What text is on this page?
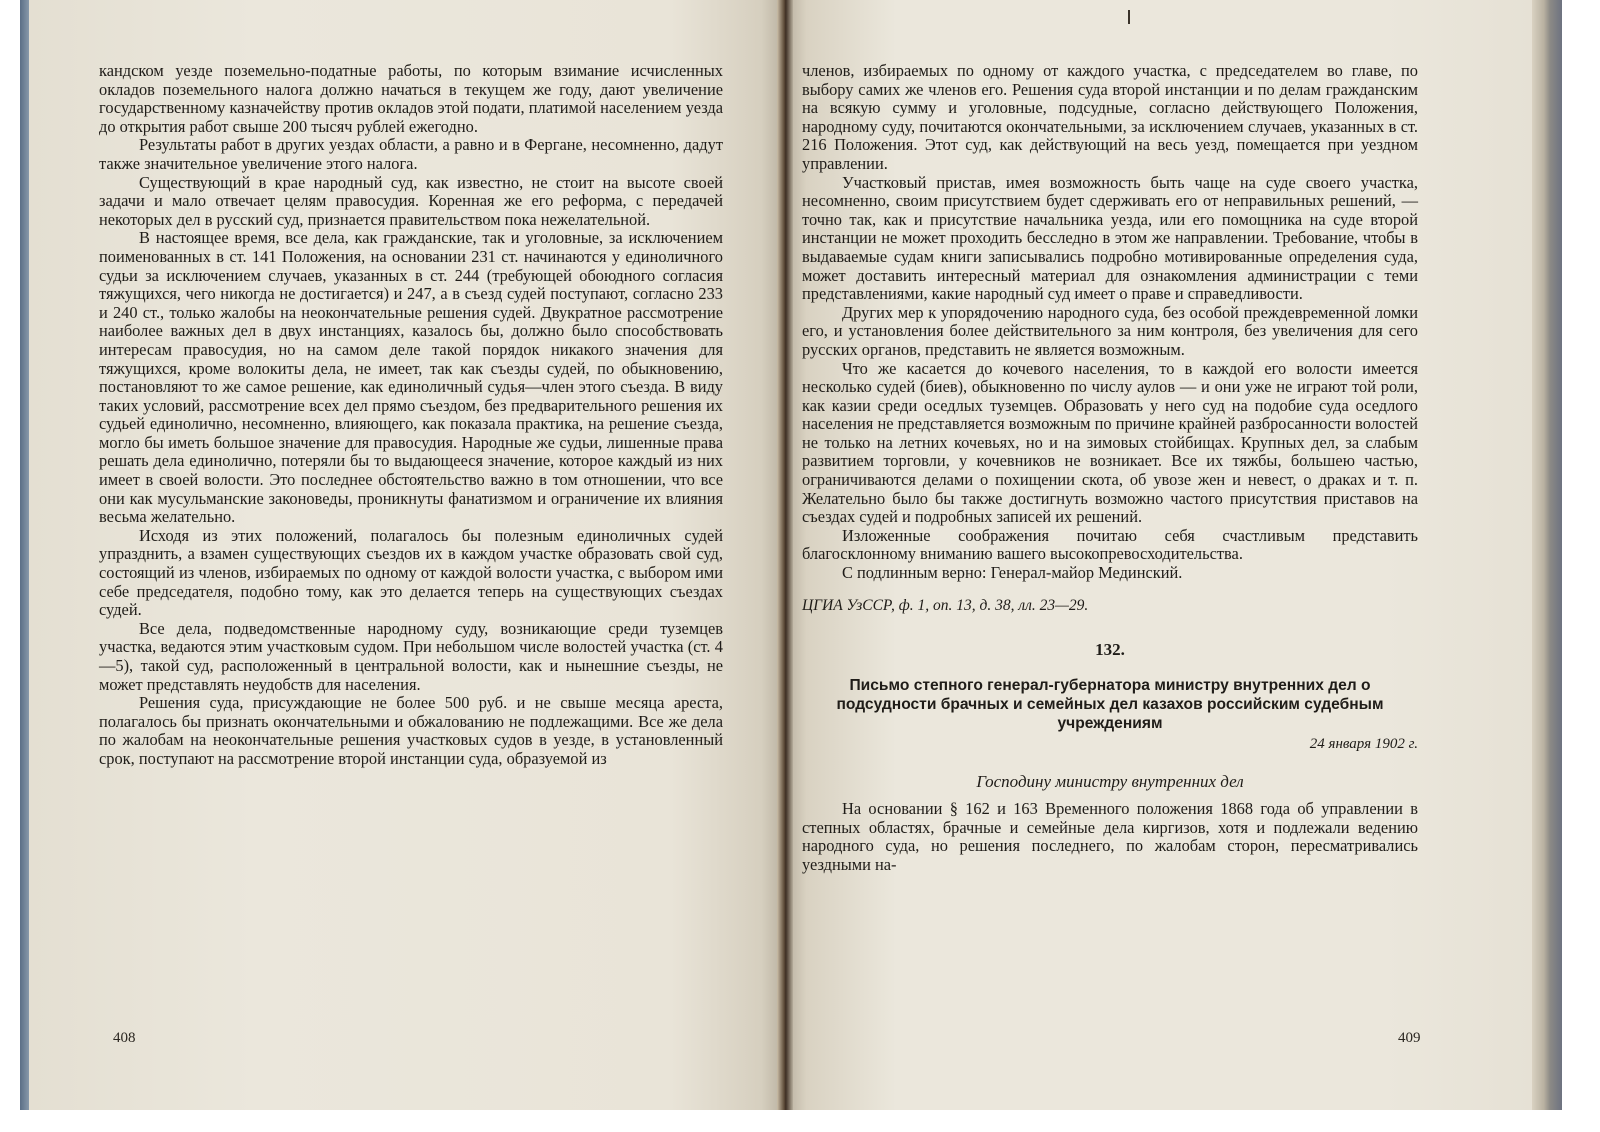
кандском уезде поземельно-податные работы, по которым взимание исчисленных окладов поземельного налога должно начаться в текущем же году, дают увеличение государственному казначейству против окладов этой подати, платимой населением уезда до открытия работ свыше 200 тысяч рублей ежегодно.

Результаты работ в других уездах области, а равно и в Фергане, несомненно, дадут также значительное увеличение этого налога.

Существующий в крае народный суд, как известно, не стоит на высоте своей задачи и мало отвечает целям правосудия. Коренная же его реформа, с передачей некоторых дел в русский суд, признается правительством пока нежелательной.

В настоящее время, все дела, как гражданские, так и уголовные, за исключением поименованных в ст. 141 Положения, на основании 231 ст. начинаются у единоличного судьи за исключением случаев, указанных в ст. 244 (требующей обоюдного согласия тяжущихся, чего никогда не достигается) и 247, а в съезд судей поступают, согласно 233 и 240 ст., только жалобы на неокончательные решения судей. Двукратное рассмотрение наиболее важных дел в двух инстанциях, казалось бы, должно было способствовать интересам правосудия, но на самом деле такой порядок никакого значения для тяжущихся, кроме волокиты дела, не имеет, так как съезды судей, по обыкновению, постановляют то же самое решение, как единоличный судья—член этого съезда. В виду таких условий, рассмотрение всех дел прямо съездом, без предварительного решения их судьей единолично, несомненно, влияющего, как показала практика, на решение съезда, могло бы иметь большое значение для правосудия. Народные же судьи, лишенные права решать дела единолично, потеряли бы то выдающееся значение, которое каждый из них имеет в своей волости. Это последнее обстоятельство важно в том отношении, что все они как мусульманские законоведы, проникнуты фанатизмом и ограничение их влияния весьма желательно.

Исходя из этих положений, полагалось бы полезным единоличных судей упразднить, а взамен существующих съездов их в каждом участке образовать свой суд, состоящий из членов, избираемых по одному от каждой волости участка, с выбором ими себе председателя, подобно тому, как это делается теперь на существующих съездах судей.

Все дела, подведомственные народному суду, возникающие среди туземцев участка, ведаются этим участковым судом. При небольшом числе волостей участка (ст. 4—5), такой суд, расположенный в центральной волости, как и нынешние съезды, не может представлять неудобств для населения.

Решения суда, присуждающие не более 500 руб. и не свыше месяца ареста, полагалось бы признать окончательными и обжалованию не подлежащими. Все же дела по жалобам на неокончательные решения участковых судов в уезде, в установленный срок, поступают на рассмотрение второй инстанции суда, образуемой из

408

членов, избираемых по одному от каждого участка, с председателем во главе, по выбору самих же членов его. Решения суда второй инстанции и по делам гражданским на всякую сумму и уголовные, подсудные, согласно действующего Положения, народному суду, почитаются окончательными, за исключением случаев, указанных в ст. 216 Положения. Этот суд, как действующий на весь уезд, помещается при уездном управлении.

Участковый пристав, имея возможность быть чаще на суде своего участка, несомненно, своим присутствием будет сдерживать его от неправильных решений, — точно так, как и присутствие начальника уезда, или его помощника на суде второй инстанции не может проходить бесследно в этом же направлении. Требование, чтобы в выдаваемые судам книги записывались подробно мотивированные определения суда, может доставить интересный материал для ознакомления администрации с теми представлениями, какие народный суд имеет о праве и справедливости.

Других мер к упорядочению народного суда, без особой преждевременной ломки его, и установления более действительного за ним контроля, без увеличения для сего русских органов, представить не является возможным.

Что же касается до кочевого населения, то в каждой его волости имеется несколько судей (биев), обыкновенно по числу аулов — и они уже не играют той роли, как казии среди оседлых туземцев. Образовать у него суд на подобие суда оседлого населения не представляется возможным по причине крайней разбросанности волостей не только на летних кочевьях, но и на зимовых стойбищах. Крупных дел, за слабым развитием торговли, у кочевников не возникает. Все их тяжбы, большею частью, ограничиваются делами о похищении скота, об увозе жен и невест, о драках и т. п. Желательно было бы также достигнуть возможно частого присутствия приставов на съездах судей и подробных записей их решений.

Изложенные соображения почитаю себя счастливым представить благосклонному вниманию вашего высокопревосходительства.

С подлинным верно: Генерал-майор Мединский.

ЦГИА УзССР, ф. 1, оп. 13, д. 38, лл. 23—29.

132.

Письмо степного генерал-губернатора министру внутренних дел о подсудности брачных и семейных дел казахов российским судебным учреждениям

24 января 1902 г.

Господину министру внутренних дел

На основании § 162 и 163 Временного положения 1868 года об управлении в степных областях, брачные и семейные дела киргизов, хотя и подлежали ведению народного суда, но решения последнего, по жалобам сторон, пересматривались уездными на-

409
